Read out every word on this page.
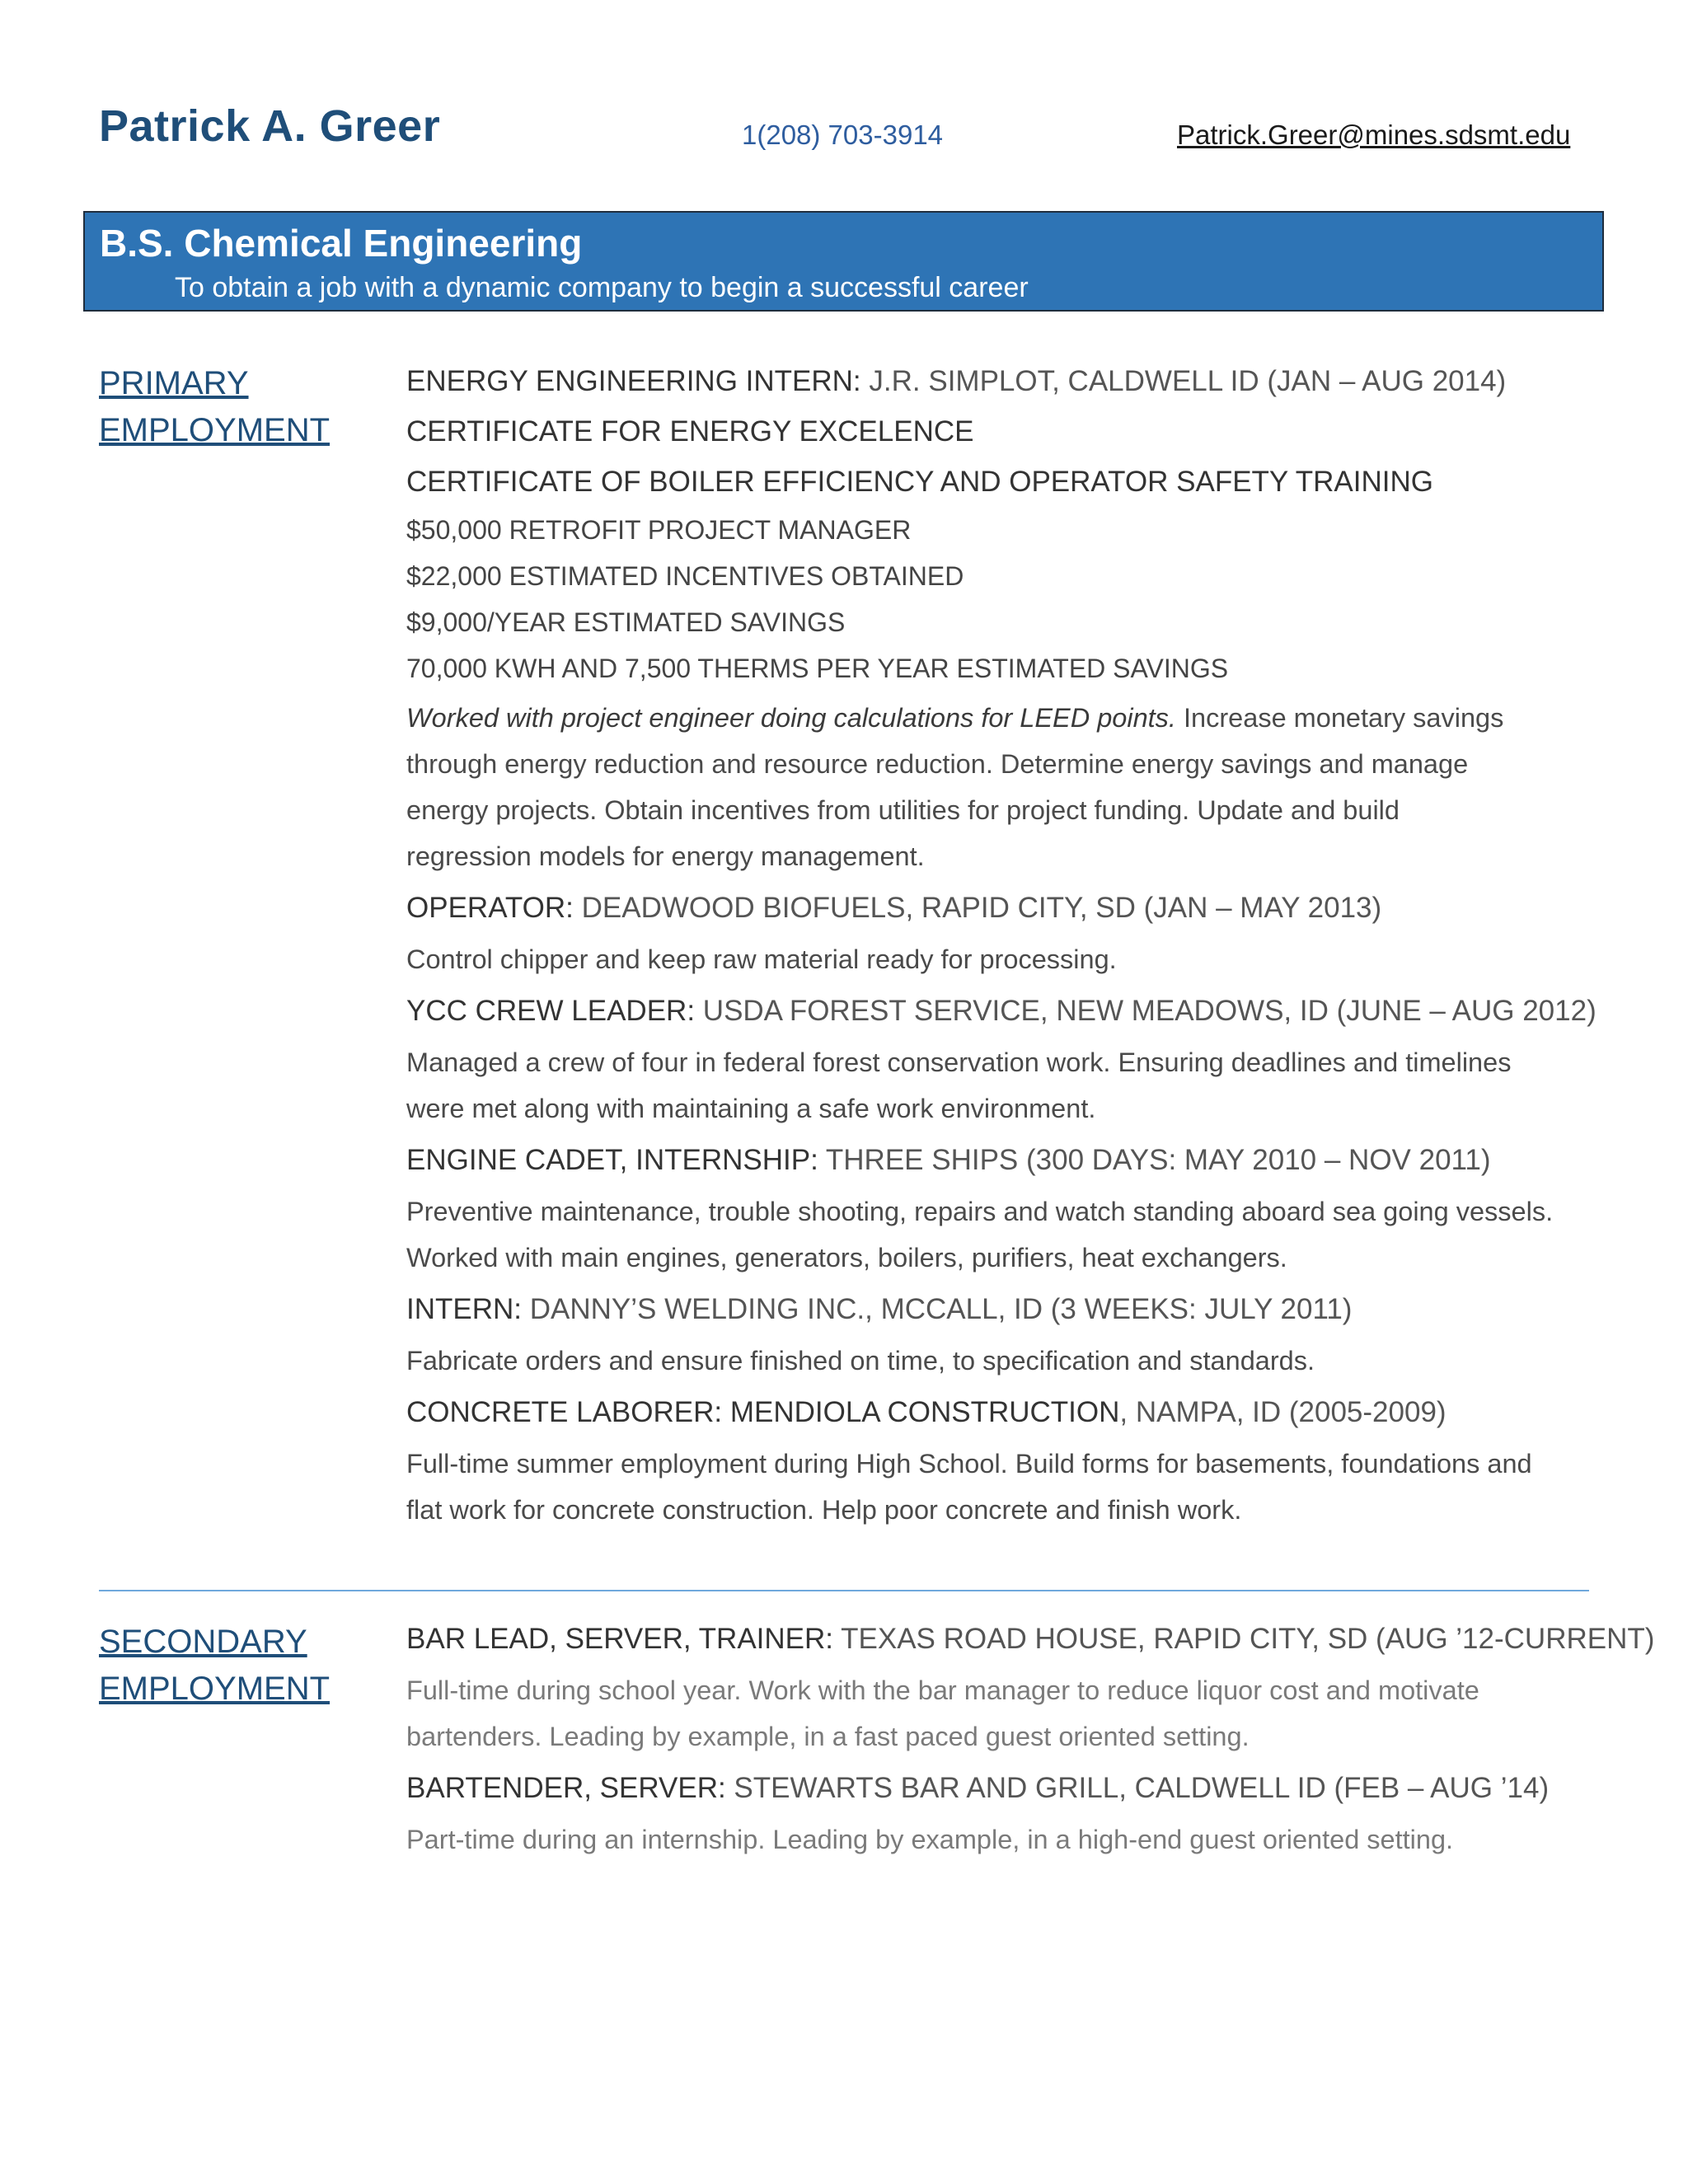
Patrick A. Greer	1(208) 703-3914	Patrick.Greer@mines.sdsmt.edu
B.S. Chemical Engineering
To obtain a job with a dynamic company to begin a successful career
PRIMARY
EMPLOYMENT
ENERGY ENGINEERING INTERN: J.R. SIMPLOT, CALDWELL ID (JAN – AUG 2014)
CERTIFICATE FOR ENERGY EXCELENCE
CERTIFICATE OF BOILER EFFICIENCY AND OPERATOR SAFETY TRAINING
$50,000 RETROFIT PROJECT MANAGER
$22,000 ESTIMATED INCENTIVES OBTAINED
$9,000/YEAR ESTIMATED SAVINGS
70,000 KWH AND 7,500 THERMS PER YEAR ESTIMATED SAVINGS
Worked with project engineer doing calculations for LEED points. Increase monetary savings
through energy reduction and resource reduction. Determine energy savings and manage
energy projects. Obtain incentives from utilities for project funding. Update and build
regression models for energy management.
OPERATOR: DEADWOOD BIOFUELS, RAPID CITY, SD (JAN – MAY 2013)
Control chipper and keep raw material ready for processing.
YCC CREW LEADER: USDA FOREST SERVICE, NEW MEADOWS, ID (JUNE – AUG 2012)
Managed a crew of four in federal forest conservation work. Ensuring deadlines and timelines
were met along with maintaining a safe work environment.
ENGINE CADET, INTERNSHIP: THREE SHIPS (300 DAYS: MAY 2010 – NOV 2011)
Preventive maintenance, trouble shooting, repairs and watch standing aboard sea going vessels.
Worked with main engines, generators, boilers, purifiers, heat exchangers.
INTERN: DANNY’S WELDING INC., MCCALL, ID (3 WEEKS: JULY 2011)
Fabricate orders and ensure finished on time, to specification and standards.
CONCRETE LABORER: MENDIOLA CONSTRUCTION, NAMPA, ID (2005-2009)
Full-time summer employment during High School. Build forms for basements, foundations and
flat work for concrete construction. Help poor concrete and finish work.
SECONDARY
EMPLOYMENT
BAR LEAD, SERVER, TRAINER: TEXAS ROAD HOUSE, RAPID CITY, SD (AUG ’12-CURRENT)
Full-time during school year. Work with the bar manager to reduce liquor cost and motivate
bartenders. Leading by example, in a fast paced guest oriented setting.
BARTENDER, SERVER: STEWARTS BAR AND GRILL, CALDWELL ID (FEB – AUG ’14)
Part-time during an internship. Leading by example, in a high-end guest oriented setting.
